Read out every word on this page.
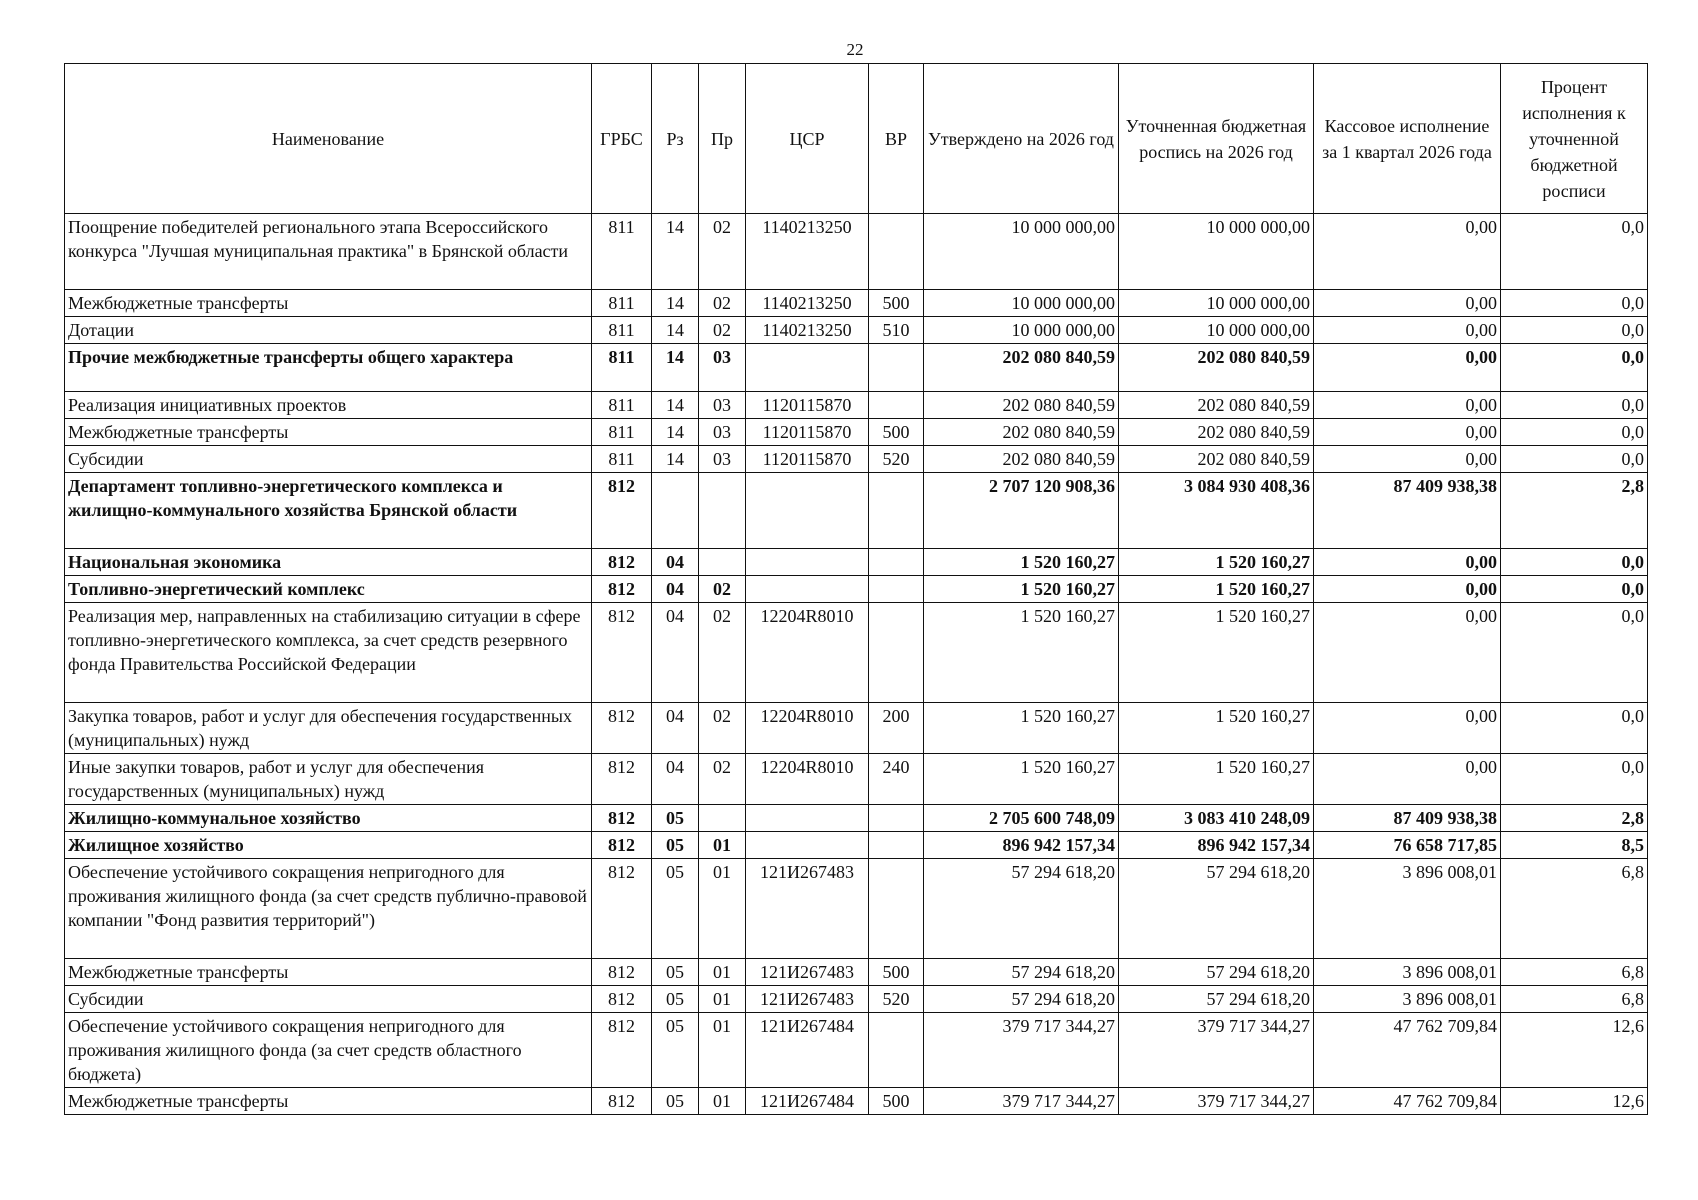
22
Наименование	ГРБС	Рз	Пр	ЦСР	ВР	Утверждено на 2026 год	Уточненная бюджетная роспись на 2026 год	Кассовое исполнение за 1 квартал 2026 года	Процент исполнения к уточненной бюджетной росписи
Поощрение победителей регионального этапа Всероссийского конкурса "Лучшая муниципальная практика" в Брянской области	811	14	02	1140213250		10 000 000,00	10 000 000,00	0,00	0,0
Межбюджетные трансферты	811	14	02	1140213250	500	10 000 000,00	10 000 000,00	0,00	0,0
Дотации	811	14	02	1140213250	510	10 000 000,00	10 000 000,00	0,00	0,0
Прочие межбюджетные трансферты общего характера	811	14	03			202 080 840,59	202 080 840,59	0,00	0,0
Реализация инициативных проектов	811	14	03	1120115870		202 080 840,59	202 080 840,59	0,00	0,0
Межбюджетные трансферты	811	14	03	1120115870	500	202 080 840,59	202 080 840,59	0,00	0,0
Субсидии	811	14	03	1120115870	520	202 080 840,59	202 080 840,59	0,00	0,0
Департамент топливно-энергетического комплекса и жилищно-коммунального хозяйства Брянской области	812					2 707 120 908,36	3 084 930 408,36	87 409 938,38	2,8
Национальная экономика	812	04				1 520 160,27	1 520 160,27	0,00	0,0
Топливно-энергетический комплекс	812	04	02			1 520 160,27	1 520 160,27	0,00	0,0
Реализация мер, направленных на стабилизацию ситуации в сфере топливно-энергетического комплекса, за счет средств резервного фонда Правительства Российской Федерации	812	04	02	12204R8010		1 520 160,27	1 520 160,27	0,00	0,0
Закупка товаров, работ и услуг для обеспечения государственных (муниципальных) нужд	812	04	02	12204R8010	200	1 520 160,27	1 520 160,27	0,00	0,0
Иные закупки товаров, работ и услуг для обеспечения государственных (муниципальных) нужд	812	04	02	12204R8010	240	1 520 160,27	1 520 160,27	0,00	0,0
Жилищно-коммунальное хозяйство	812	05				2 705 600 748,09	3 083 410 248,09	87 409 938,38	2,8
Жилищное хозяйство	812	05	01			896 942 157,34	896 942 157,34	76 658 717,85	8,5
Обеспечение устойчивого сокращения непригодного для проживания жилищного фонда (за счет средств публично-правовой компании "Фонд развития территорий")	812	05	01	121И267483		57 294 618,20	57 294 618,20	3 896 008,01	6,8
Межбюджетные трансферты	812	05	01	121И267483	500	57 294 618,20	57 294 618,20	3 896 008,01	6,8
Субсидии	812	05	01	121И267483	520	57 294 618,20	57 294 618,20	3 896 008,01	6,8
Обеспечение устойчивого сокращения непригодного для проживания жилищного фонда (за счет средств областного бюджета)	812	05	01	121И267484		379 717 344,27	379 717 344,27	47 762 709,84	12,6
Межбюджетные трансферты	812	05	01	121И267484	500	379 717 344,27	379 717 344,27	47 762 709,84	12,6
